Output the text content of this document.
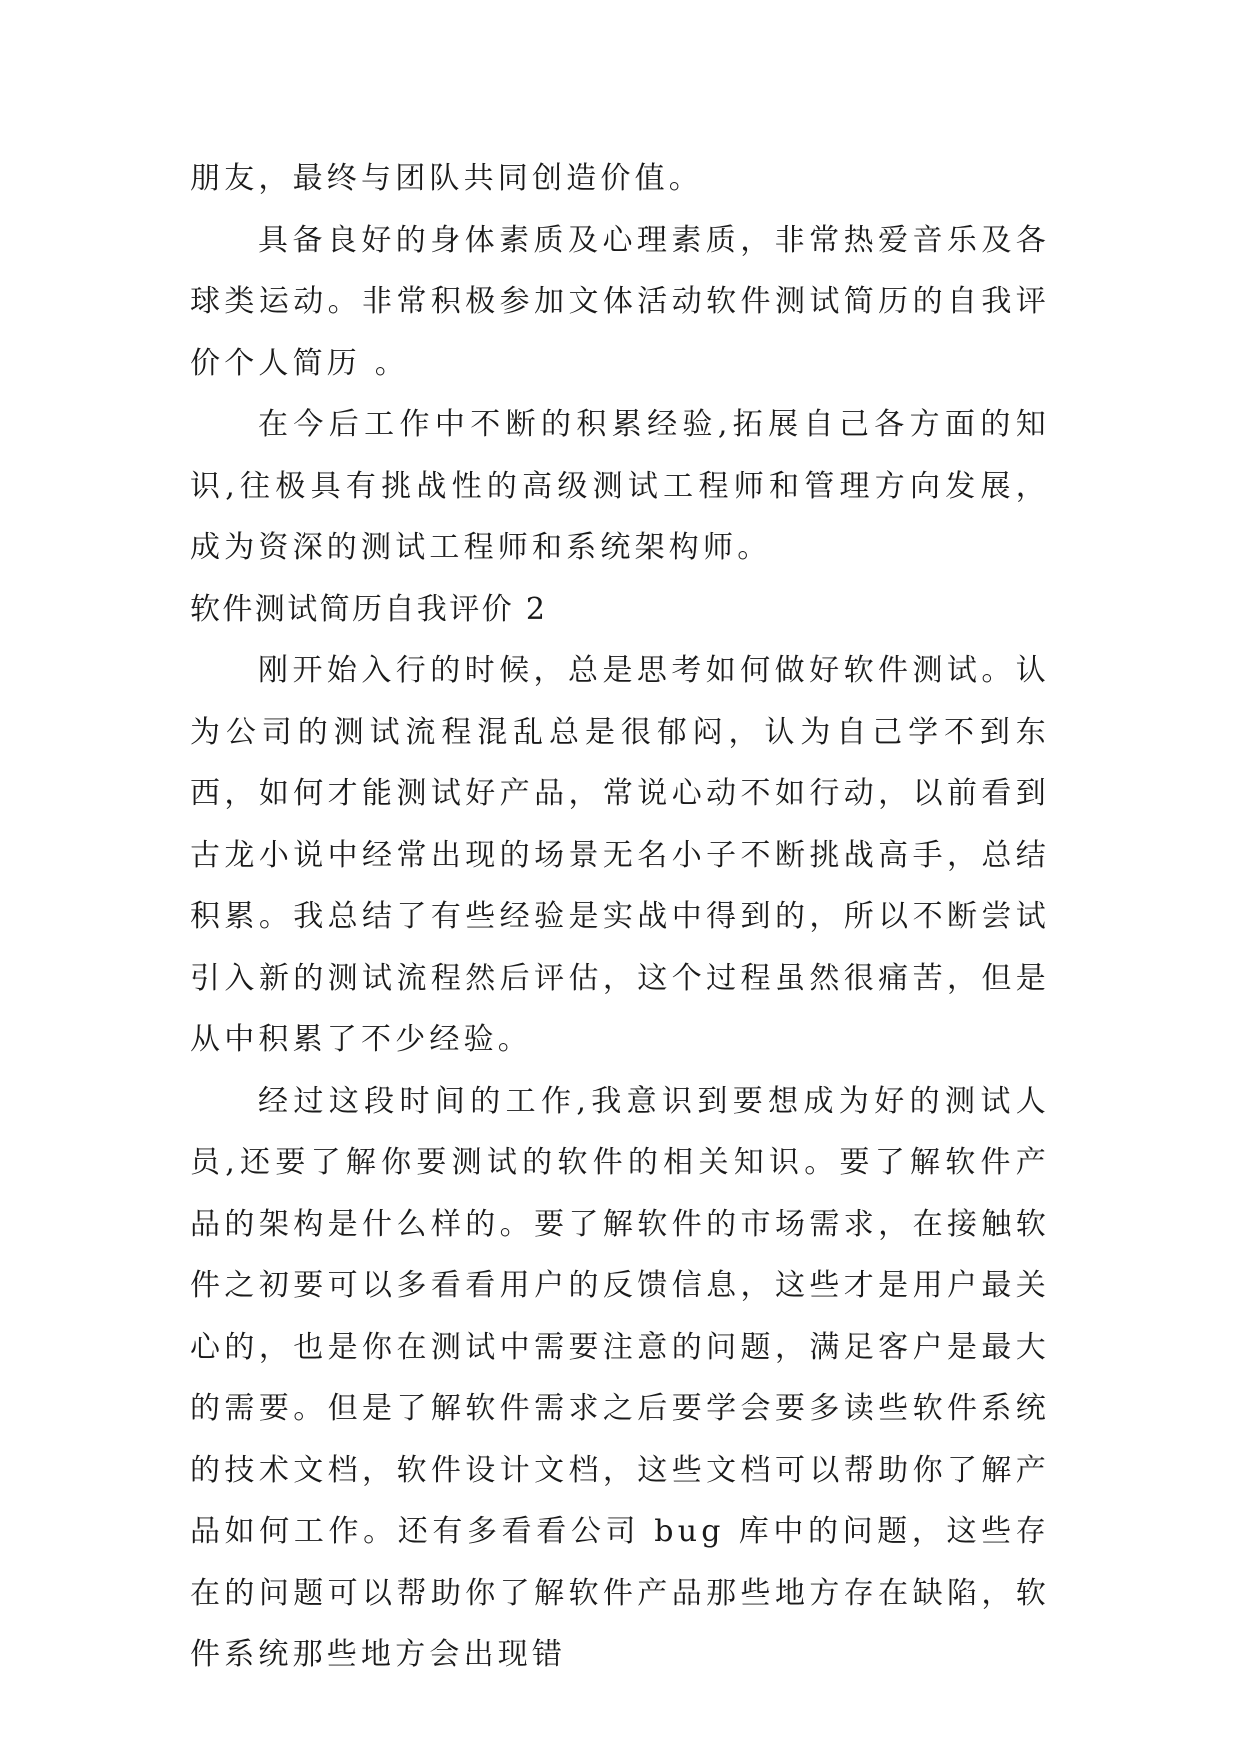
朋友，最终与团队共同创造价值。

具备良好的身体素质及心理素质，非常热爱音乐及各球类运动。非常积极参加文体活动软件测试简历的自我评价个人简历 。

在今后工作中不断的积累经验,拓展自己各方面的知识,往极具有挑战性的高级测试工程师和管理方向发展，成为资深的测试工程师和系统架构师。

软件测试简历自我评价 2

刚开始入行的时候，总是思考如何做好软件测试。认为公司的测试流程混乱总是很郁闷，认为自己学不到东西，如何才能测试好产品，常说心动不如行动，以前看到古龙小说中经常出现的场景无名小子不断挑战高手，总结积累。我总结了有些经验是实战中得到的，所以不断尝试引入新的测试流程然后评估，这个过程虽然很痛苦，但是从中积累了不少经验。

经过这段时间的工作,我意识到要想成为好的测试人员,还要了解你要测试的软件的相关知识。要了解软件产品的架构是什么样的。要了解软件的市场需求，在接触软件之初要可以多看看用户的反馈信息，这些才是用户最关心的，也是你在测试中需要注意的问题，满足客户是最大的需要。但是了解软件需求之后要学会要多读些软件系统的技术文档，软件设计文档，这些文档可以帮助你了解产品如何工作。还有多看看公司 bug 库中的问题，这些存在的问题可以帮助你了解软件产品那些地方存在缺陷，软件系统那些地方会出现错
